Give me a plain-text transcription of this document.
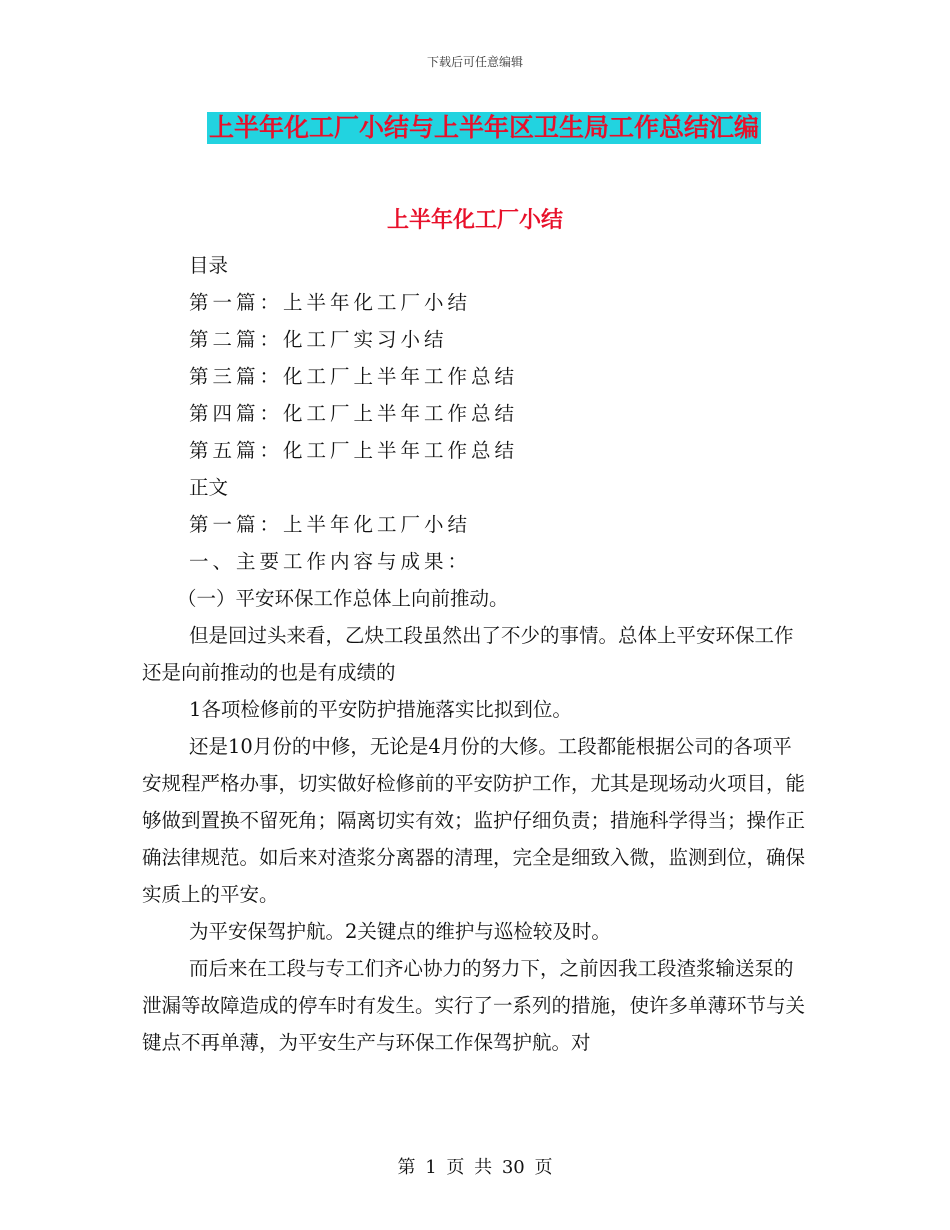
下载后可任意编辑
上半年化工厂小结与上半年区卫生局工作总结汇编
上半年化工厂小结

目录

第一篇：上半年化工厂小结

第二篇：化工厂实习小结

第三篇：化工厂上半年工作总结

第四篇：化工厂上半年工作总结

第五篇：化工厂上半年工作总结

正文

第一篇：上半年化工厂小结

一、主要工作内容与成果：

（一）平安环保工作总体上向前推动。

但是回过头来看，乙炔工段虽然出了不少的事情。总体上平安环保工作还是向前推动的也是有成绩的

1各项检修前的平安防护措施落实比拟到位。

还是10月份的中修，无论是4月份的大修。工段都能根据公司的各项平安规程严格办事，切实做好检修前的平安防护工作，尤其是现场动火项目，能够做到置换不留死角；隔离切实有效；监护仔细负责；措施科学得当；操作正确法律规范。如后来对渣浆分离器的清理，完全是细致入微，监测到位，确保实质上的平安。

为平安保驾护航。2关键点的维护与巡检较及时。

而后来在工段与专工们齐心协力的努力下，之前因我工段渣浆输送泵的泄漏等故障造成的停车时有发生。实行了一系列的措施，使许多单薄环节与关键点不再单薄，为平安生产与环保工作保驾护航。对

第 1 页 共 30 页
